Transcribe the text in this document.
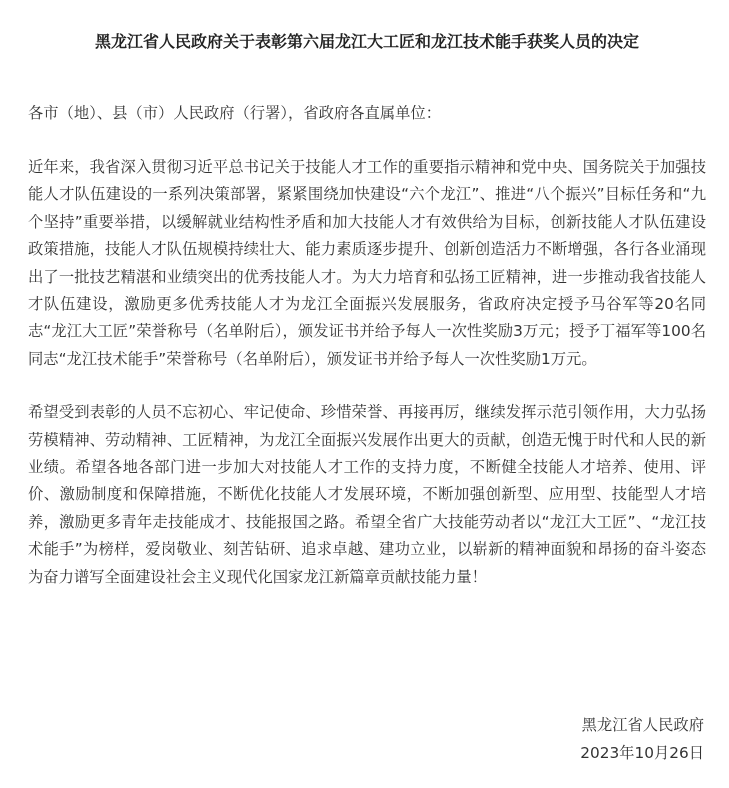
黑龙江省人民政府关于表彰第六届龙江大工匠和龙江技术能手获奖人员的决定
各市（地）、县（市）人民政府（行署），省政府各直属单位：
近年来，我省深入贯彻习近平总书记关于技能人才工作的重要指示精神和党中央、国务院关于加强技能人才队伍建设的一系列决策部署，紧紧围绕加快建设“六个龙江”、推进“八个振兴”目标任务和“九个坚持”重要举措，以缓解就业结构性矛盾和加大技能人才有效供给为目标，创新技能人才队伍建设政策措施，技能人才队伍规模持续壮大、能力素质逐步提升、创新创造活力不断增强，各行各业涌现出了一批技艺精湛和业绩突出的优秀技能人才。为大力培育和弘扬工匠精神，进一步推动我省技能人才队伍建设，激励更多优秀技能人才为龙江全面振兴发展服务，省政府决定授予马谷军等20名同志“龙江大工匠”荣誉称号（名单附后），颁发证书并给予每人一次性奖励3万元；授予丁福军等100名同志“龙江技术能手”荣誉称号（名单附后），颁发证书并给予每人一次性奖励1万元。
希望受到表彰的人员不忘初心、牢记使命、珍惜荣誉、再接再厉，继续发挥示范引领作用，大力弘扬劳模精神、劳动精神、工匠精神，为龙江全面振兴发展作出更大的贡献，创造无愧于时代和人民的新业绩。希望各地各部门进一步加大对技能人才工作的支持力度，不断健全技能人才培养、使用、评价、激励制度和保障措施，不断优化技能人才发展环境，不断加强创新型、应用型、技能型人才培养，激励更多青年走技能成才、技能报国之路。希望全省广大技能劳动者以“龙江大工匠”、“龙江技术能手”为榜样，爱岗敬业、刻苦钻研、追求卓越、建功立业，以崭新的精神面貌和昂扬的奋斗姿态为奋力谱写全面建设社会主义现代化国家龙江新篇章贡献技能力量！
黑龙江省人民政府
2023年10月26日
